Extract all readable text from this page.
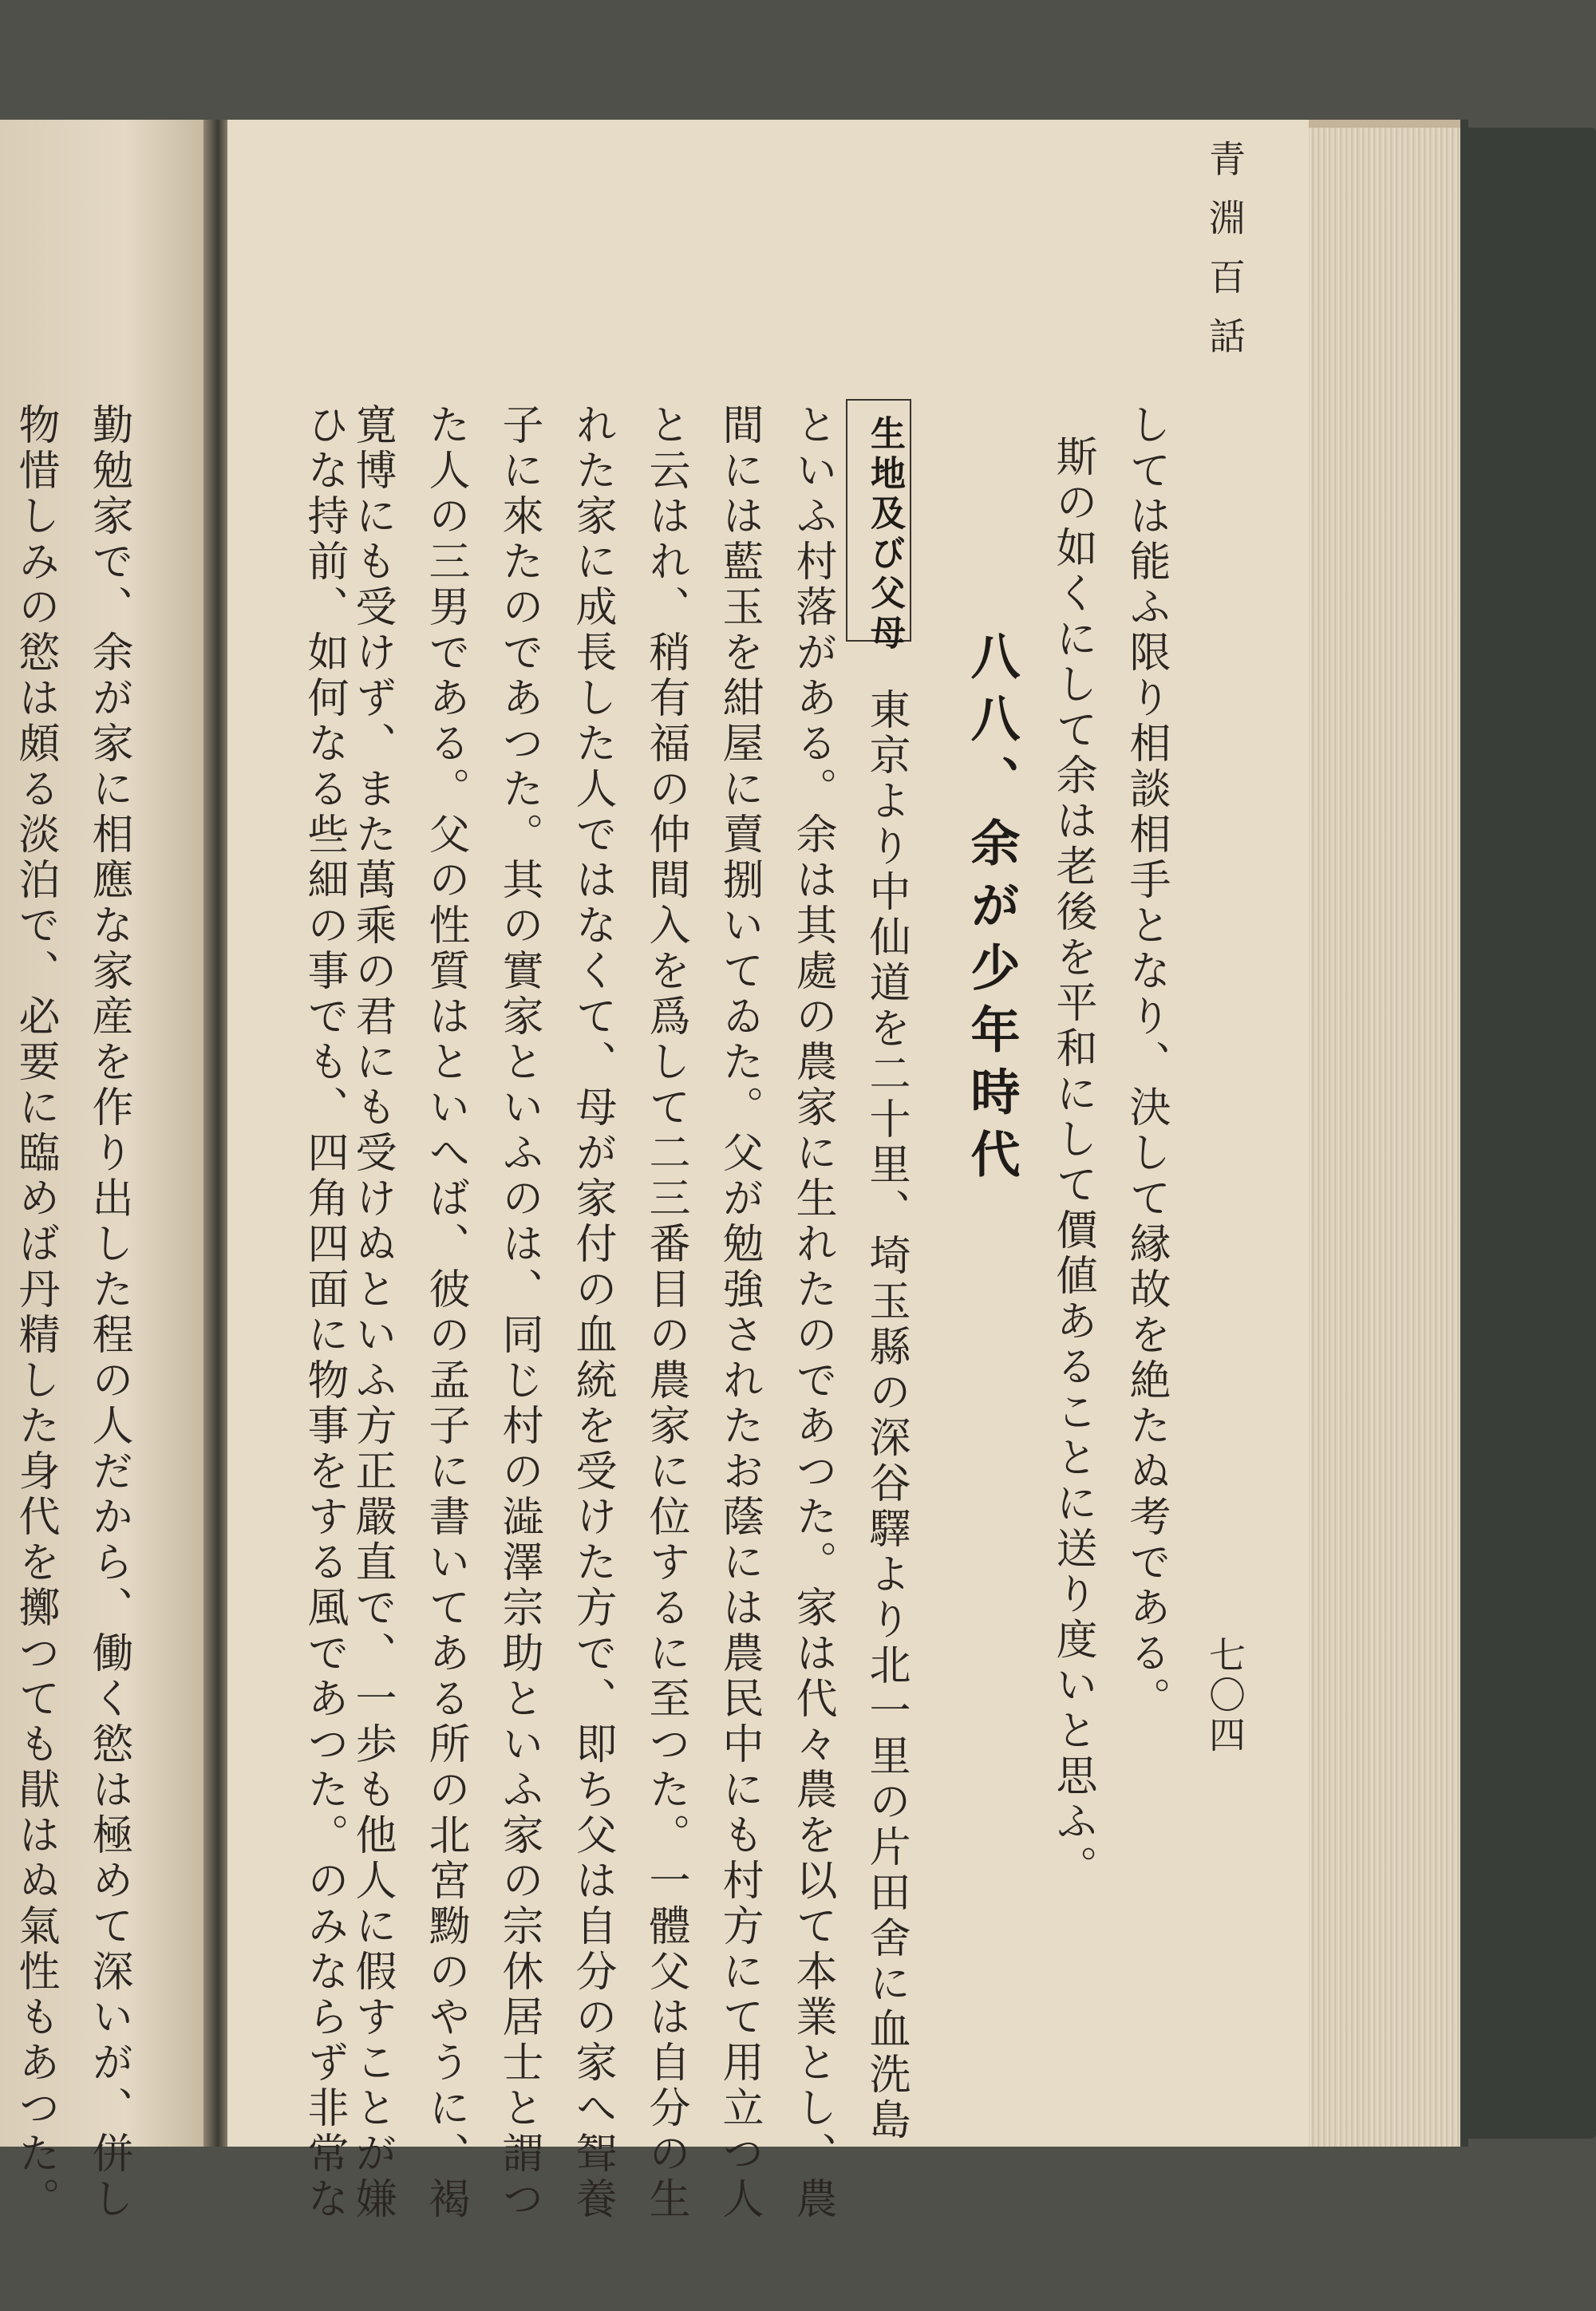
青淵百話
七〇四
しては能ふ限り相談相手となり、決して縁故を絶たぬ考である。
斯の如くにして余は老後を平和にして價値あることに送り度いと思ふ。
八八、余が少年時代
生地及び父母
東京より中仙道を二十里、埼玉縣の深谷驛より北一里の片田舍に血洗島
といふ村落がある。余は其處の農家に生れたのであつた。家は代々農を以て本業とし、農
間には藍玉を紺屋に賣捌いてゐた。父が勉強されたお蔭には農民中にも村方にて用立つ人
と云はれ、稍有福の仲間入を爲して二三番目の農家に位するに至つた。一體父は自分の生
れた家に成長した人ではなくて、母が家付の血統を受けた方で、即ち父は自分の家へ聟養
子に來たのであつた。其の實家といふのは、同じ村の澁澤宗助といふ家の宗休居士と謂つ
た人の三男である。父の性質はといへば、彼の孟子に書いてある所の北宮黝のやうに、褐
寛博にも受けず、また萬乘の君にも受けぬといふ方正嚴直で、一歩も他人に假すことが嫌
ひな持前、如何なる些細の事でも、四角四面に物事をする風であつた。のみならず非常な
勤勉家で、余が家に相應な家産を作り出した程の人だから、働く慾は極めて深いが、併し
物惜しみの慾は頗る淡泊で、必要に臨めば丹精した身代を擲つても猒はぬ氣性もあつた。
